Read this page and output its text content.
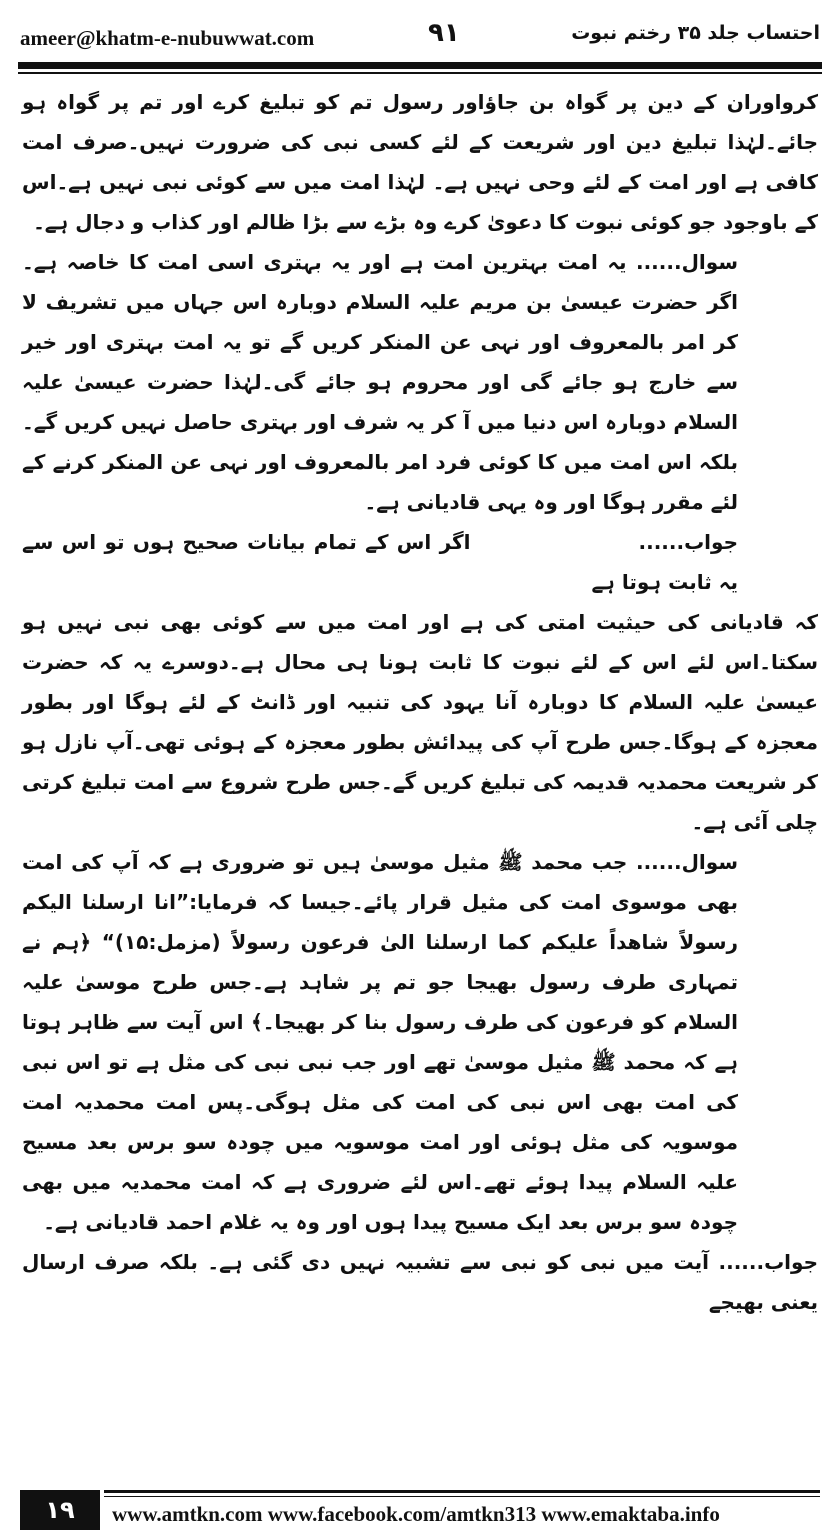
ameer@khatm-e-nubuwwat.com	۹۱	احتساب جلد ۳۵ رختم نبوت

کرواوران کے دین پر گواہ بن جاؤاور رسول تم کو تبلیغ کرے اور تم پر گواہ ہو جائے۔لہٰذا تبلیغ دین اور شریعت کے لئے کسی نبی کی ضرورت نہیں۔صرف امت کافی ہے اور امت کے لئے وحی نہیں ہے۔ لہٰذا امت میں سے کوئی نبی نہیں ہے۔اس کے باوجود جو کوئی نبوت کا دعویٰ کرے وہ بڑے سے بڑا ظالم اور کذاب و دجال ہے۔

سوال...... یہ امت بہترین امت ہے اور یہ بہتری اسی امت کا خاصہ ہے۔ اگر حضرت عیسیٰ بن مریم علیہ السلام دوبارہ اس جہاں میں تشریف لا کر امر بالمعروف اور نہی عن المنکر کریں گے تو یہ امت بہتری اور خیر سے خارج ہو جائے گی اور محروم ہو جائے گی۔لہٰذا حضرت عیسیٰ علیہ السلام دوبارہ اس دنیا میں آ کر یہ شرف اور بہتری حاصل نہیں کریں گے۔ بلکہ اس امت میں کا کوئی فرد امر بالمعروف اور نہی عن المنکر کرنے کے لئے مقرر ہوگا اور وہ یہی قادیانی ہے۔

جواب......اگر اس کے تمام بیانات صحیح ہوں تو اس سے یہ ثابت ہوتا ہے

کہ قادیانی کی حیثیت امتی کی ہے اور امت میں سے کوئی بھی نبی نہیں ہو سکتا۔اس لئے اس کے لئے نبوت کا ثابت ہونا ہی محال ہے۔دوسرے یہ کہ حضرت عیسیٰ علیہ السلام کا دوبارہ آنا یہود کی تنبیہ اور ڈانٹ کے لئے ہوگا اور بطور معجزہ کے ہوگا۔جس طرح آپ کی پیدائش بطور معجزہ کے ہوئی تھی۔آپ نازل ہو کر شریعت محمدیہ قدیمہ کی تبلیغ کریں گے۔جس طرح شروع سے امت تبلیغ کرتی چلی آئی ہے۔

سوال...... جب محمد ﷺ مثیل موسیٰ ہیں تو ضروری ہے کہ آپ کی امت بھی موسوی امت کی مثیل قرار پائے۔جیسا کہ فرمایا:”انا ارسلنا الیکم رسولاً شاھداً علیکم کما ارسلنا الیٰ فرعون رسولاً (مزمل:۱۵)“ ﴿ہم نے تمہاری طرف رسول بھیجا جو تم پر شاہد ہے۔جس طرح موسیٰ علیہ السلام کو فرعون کی طرف رسول بنا کر بھیجا۔﴾ اس آیت سے ظاہر ہوتا ہے کہ محمد ﷺ مثیل موسیٰ تھے اور جب نبی نبی کی مثل ہے تو اس نبی کی امت بھی اس نبی کی امت کی مثل ہوگی۔پس امت محمدیہ امت موسویہ کی مثل ہوئی اور امت موسویہ میں چودہ سو برس بعد مسیح علیہ السلام پیدا ہوئے تھے۔اس لئے ضروری ہے کہ امت محمدیہ میں بھی چودہ سو برس بعد ایک مسیح پیدا ہوں اور وہ یہ غلام احمد قادیانی ہے۔

جواب...... آیت میں نبی کو نبی سے تشبیہ نہیں دی گئی ہے۔ بلکہ صرف ارسال یعنی بھیجے

۱۹	www.amtkn.com www.facebook.com/amtkn313 www.emaktaba.info
